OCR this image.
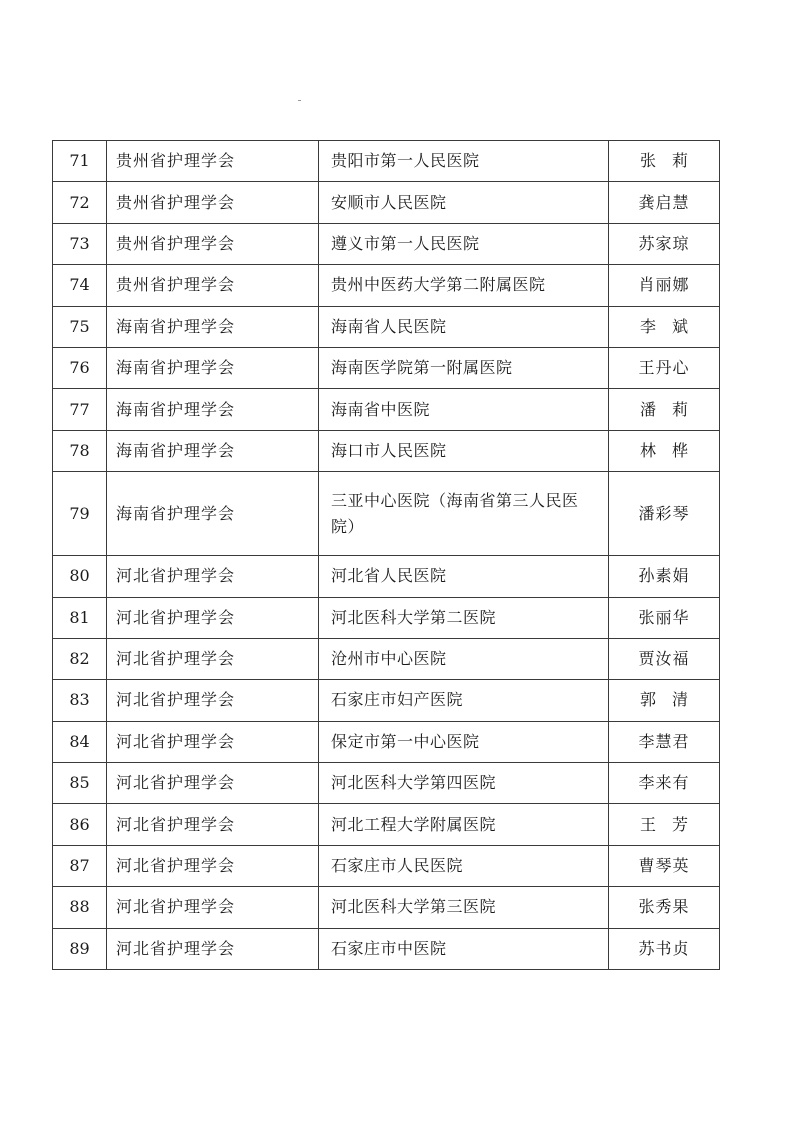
71	贵州省护理学会	贵阳市第一人民医院	张莉
72	贵州省护理学会	安顺市人民医院	龚启慧
73	贵州省护理学会	遵义市第一人民医院	苏家琼
74	贵州省护理学会	贵州中医药大学第二附属医院	肖丽娜
75	海南省护理学会	海南省人民医院	李斌
76	海南省护理学会	海南医学院第一附属医院	王丹心
77	海南省护理学会	海南省中医院	潘莉
78	海南省护理学会	海口市人民医院	林桦
79	海南省护理学会	三亚中心医院（海南省第三人民医院）	潘彩琴
80	河北省护理学会	河北省人民医院	孙素娟
81	河北省护理学会	河北医科大学第二医院	张丽华
82	河北省护理学会	沧州市中心医院	贾汝福
83	河北省护理学会	石家庄市妇产医院	郭清
84	河北省护理学会	保定市第一中心医院	李慧君
85	河北省护理学会	河北医科大学第四医院	李来有
86	河北省护理学会	河北工程大学附属医院	王芳
87	河北省护理学会	石家庄市人民医院	曹琴英
88	河北省护理学会	河北医科大学第三医院	张秀果
89	河北省护理学会	石家庄市中医院	苏书贞
